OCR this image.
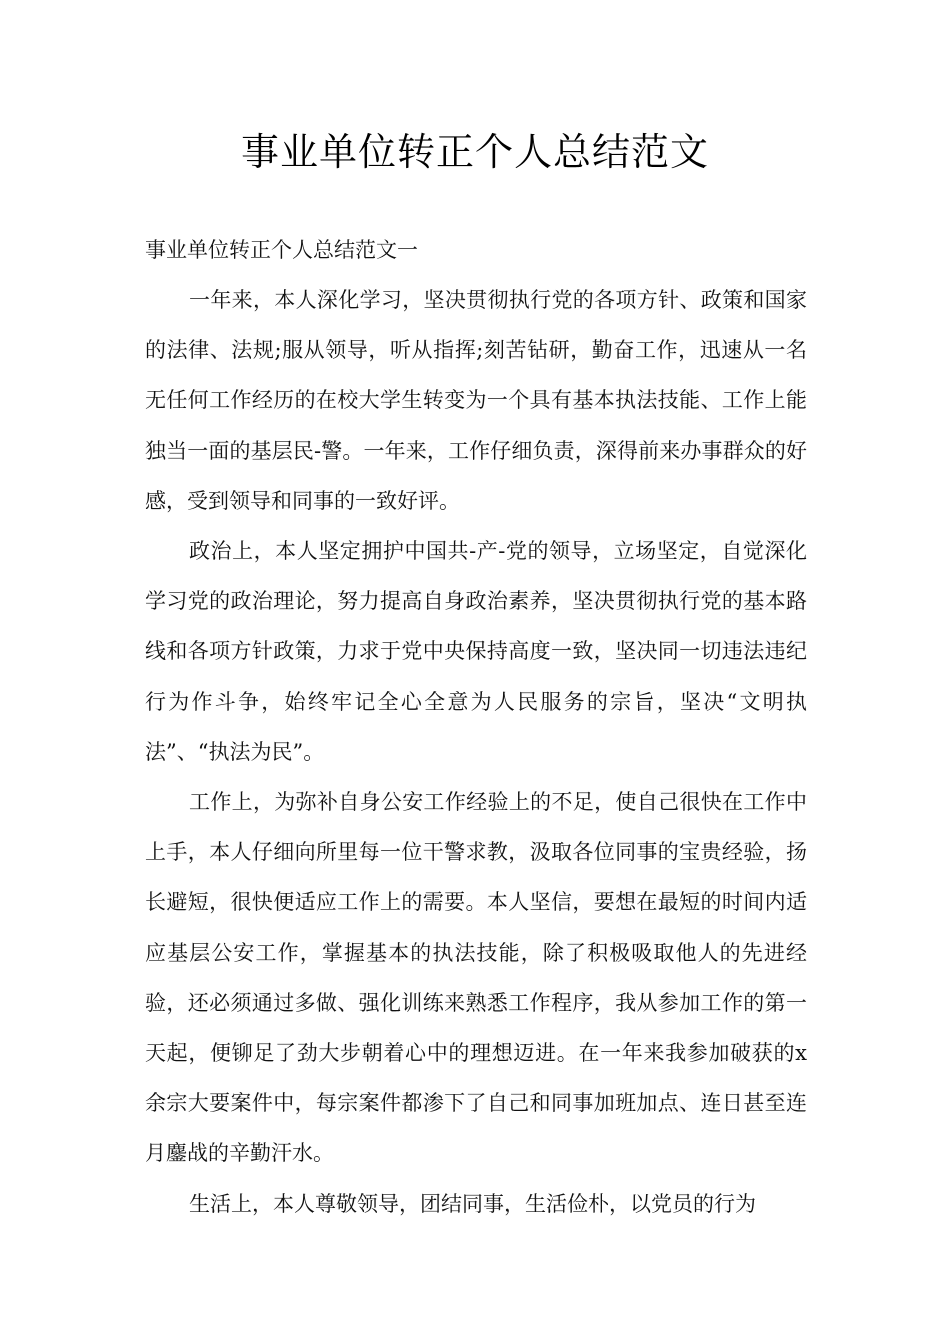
事业单位转正个人总结范文

事业单位转正个人总结范文一

一年来，本人深化学习，坚决贯彻执行党的各项方针、政策和国家的法律、法规;服从领导，听从指挥;刻苦钻研，勤奋工作，迅速从一名无任何工作经历的在校大学生转变为一个具有基本执法技能、工作上能独当一面的基层民-警。一年来，工作仔细负责，深得前来办事群众的好感，受到领导和同事的一致好评。

政治上，本人坚定拥护中国共-产-党的领导，立场坚定，自觉深化学习党的政治理论，努力提高自身政治素养，坚决贯彻执行党的基本路线和各项方针政策，力求于党中央保持高度一致，坚决同一切违法违纪行为作斗争，始终牢记全心全意为人民服务的宗旨，坚决“文明执法”、“执法为民”。

工作上，为弥补自身公安工作经验上的不足，使自己很快在工作中上手，本人仔细向所里每一位干警求教，汲取各位同事的宝贵经验，扬长避短，很快便适应工作上的需要。本人坚信，要想在最短的时间内适应基层公安工作，掌握基本的执法技能，除了积极吸取他人的先进经验，还必须通过多做、强化训练来熟悉工作程序，我从参加工作的第一天起，便铆足了劲大步朝着心中的理想迈进。在一年来我参加破获的x余宗大要案件中，每宗案件都渗下了自己和同事加班加点、连日甚至连月鏖战的辛勤汗水。

生活上，本人尊敬领导，团结同事，生活俭朴，以党员的行为
